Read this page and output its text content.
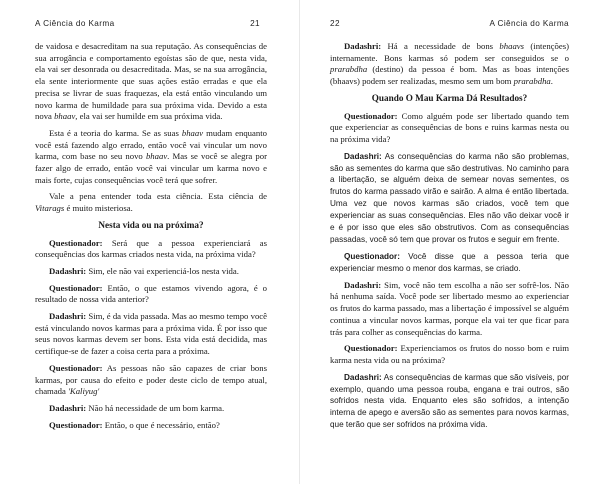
A Ciência do Karma	21

de vaidosa e desacreditam na sua reputação. As consequências de sua arrogância e comportamento egoístas são de que, nesta vida, ela vai ser desonrada ou desacreditada. Mas, se na sua arrogância, ela sente interiormente que suas ações estão erradas e que ela precisa se livrar de suas fraquezas, ela está então vinculando um novo karma de humildade para sua próxima vida. Devido a esta nova bhaav, ela vai ser humilde em sua próxima vida.

Esta é a teoria do karma. Se as suas bhaav mudam enquanto você está fazendo algo errado, então você vai vincular um novo karma, com base no seu novo bhaav. Mas se você se alegra por fazer algo de errado, então você vai vincular um karma novo e mais forte, cujas consequências você terá que sofrer.

Vale a pena entender toda esta ciência. Esta ciência de Vitarags é muito misteriosa.

Nesta vida ou na próxima?

Questionador: Será que a pessoa experienciará as consequências dos karmas criados nesta vida, na próxima vida?

Dadashri: Sim, ele não vai experienciá-los nesta vida.

Questionador: Então, o que estamos vivendo agora, é o resultado de nossa vida anterior?

Dadashri: Sim, é da vida passada. Mas ao mesmo tempo você está vinculando novos karmas para a próxima vida. É por isso que seus novos karmas devem ser bons. Esta vida está decidida, mas certifique-se de fazer a coisa certa para a próxima.

Questionador: As pessoas não são capazes de criar bons karmas, por causa do efeito e poder deste ciclo de tempo atual, chamada 'Kaliyug'

Dadashri: Não há necessidade de um bom karma.

Questionador: Então, o que é necessário, então?

22	A Ciência do Karma

Dadashri: Há a necessidade de bons bhaavs (intenções) internamente. Bons karmas só podem ser conseguidos se o prarabdha (destino) da pessoa é bom. Mas as boas intenções (bhaavs) podem ser realizadas, mesmo sem um bom prarabdha.

Quando O Mau Karma Dá Resultados?

Questionador: Como alguém pode ser libertado quando tem que experienciar as consequências de bons e ruins karmas nesta ou na próxima vida?

Dadashri: As consequências do karma não são problemas, são as sementes do karma que são destrutivas. No caminho para a libertação, se alguém deixa de semear novas sementes, os frutos do karma passado virão e sairão. A alma é então libertada. Uma vez que novos karmas são criados, você tem que experienciar as suas consequências. Eles não vão deixar você ir e é por isso que eles são obstrutivos. Com as consequências passadas, você só tem que provar os frutos e seguir em frente.

Questionador: Você disse que a pessoa teria que experienciar mesmo o menor dos karmas, se criado.

Dadashri: Sim, você não tem escolha a não ser sofrê-los. Não há nenhuma saída. Você pode ser libertado mesmo ao experienciar os frutos do karma passado, mas a libertação é impossível se alguém continua a vincular novos karmas, porque ela vai ter que ficar para trás para colher as consequências do karma.

Questionador: Experienciamos os frutos do nosso bom e ruim karma nesta vida ou na próxima?

Dadashri: As consequências de karmas que são visíveis, por exemplo, quando uma pessoa rouba, engana e trai outros, são sofridos nesta vida. Enquanto eles são sofridos, a intenção interna de apego e aversão são as sementes para novos karmas, que terão que ser sofridos na próxima vida.
